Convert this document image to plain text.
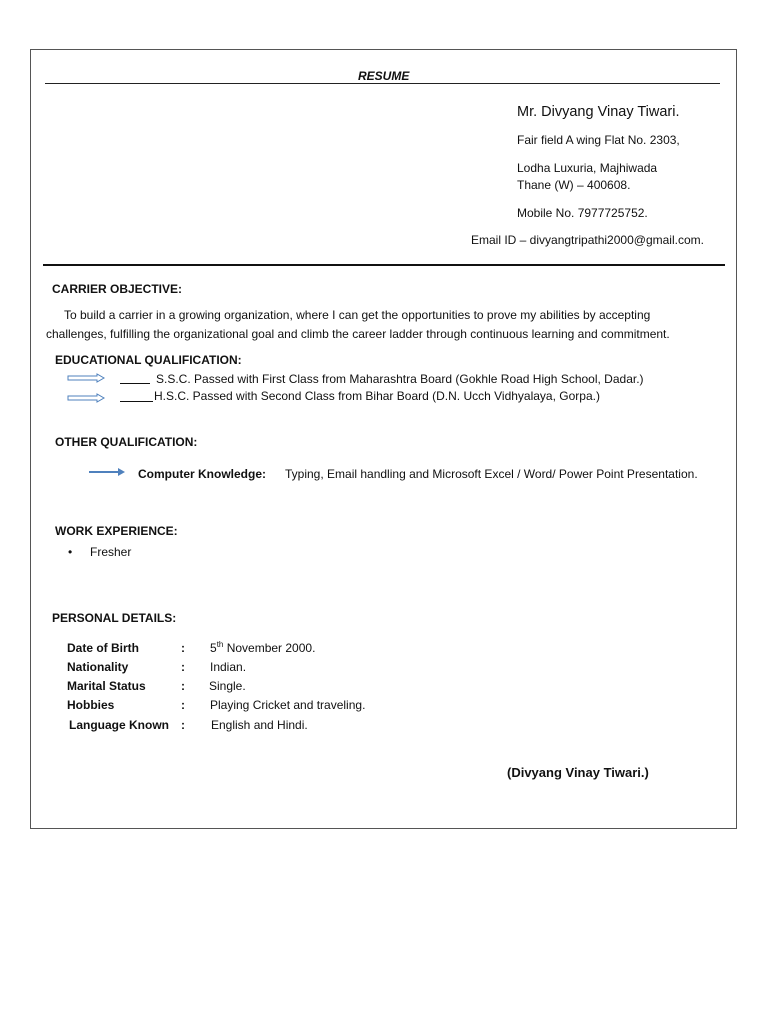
RESUME
Mr. Divyang Vinay Tiwari.
Fair field A wing Flat No. 2303,
Lodha Luxuria, Majhiwada
Thane (W) – 400608.
Mobile No. 7977725752.
Email ID – divyangtripathi2000@gmail.com.
CARRIER OBJECTIVE:
To build a carrier in a growing organization, where I can get the opportunities to prove my abilities by accepting
challenges, fulfilling the organizational goal and climb the career ladder through continuous learning and commitment.
EDUCATIONAL QUALIFICATION:
S.S.C. Passed with First Class from Maharashtra Board (Gokhle Road High School, Dadar.)
H.S.C. Passed with Second Class from Bihar Board (D.N. Ucch Vidhyalaya, Gorpa.)
OTHER QUALIFICATION:
Computer Knowledge: Typing, Email handling and Microsoft Excel / Word/ Power Point Presentation.
WORK EXPERIENCE:
• Fresher
PERSONAL DETAILS:
Date of Birth	: 5th November 2000.
Nationality	: Indian.
Marital Status	: Single.
Hobbies	: Playing Cricket and traveling.
Language Known : English and Hindi.
(Divyang Vinay Tiwari.)
